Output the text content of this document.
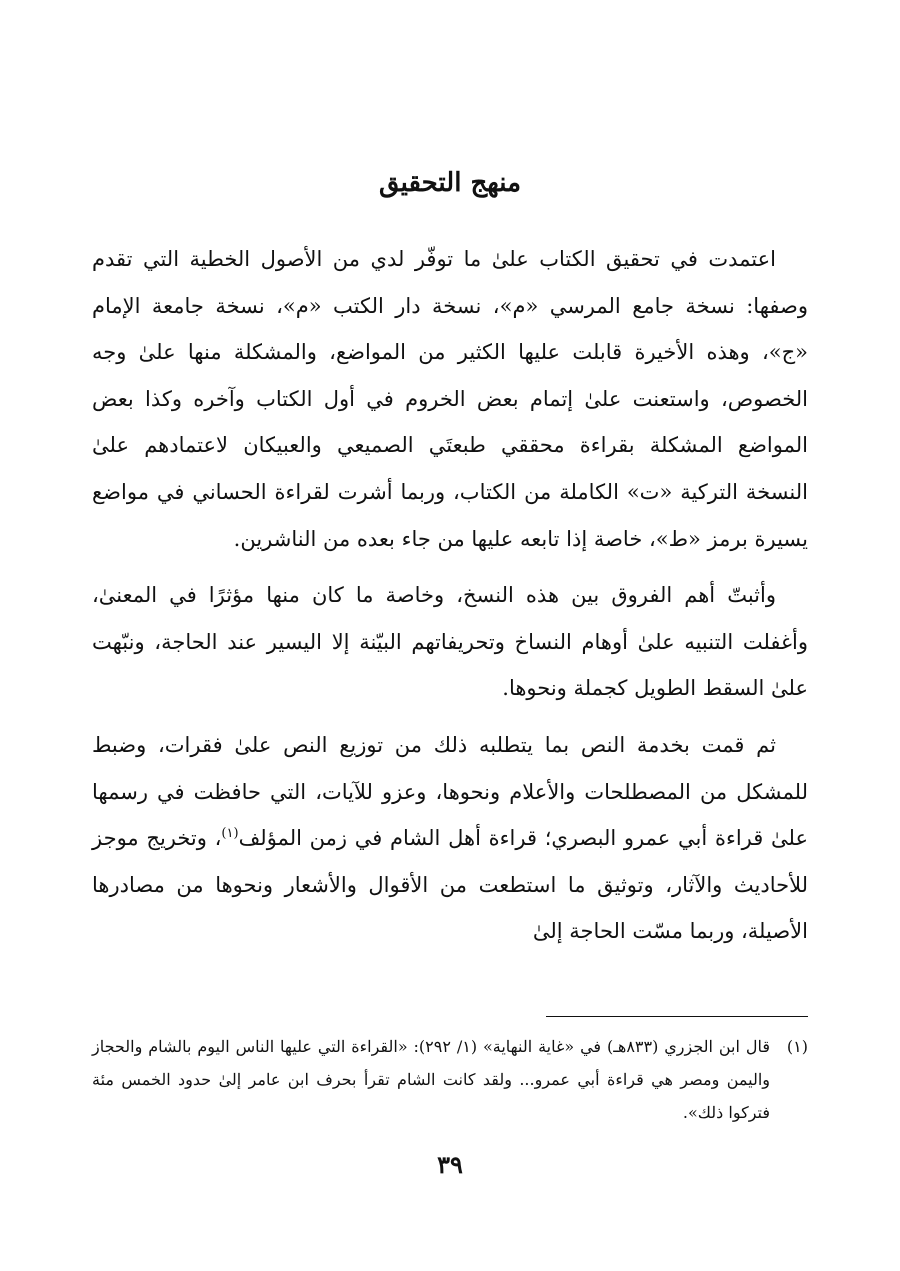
منهج التحقيق

اعتمدت في تحقيق الكتاب علىٰ ما توفّر لدي من الأصول الخطية التي تقدم وصفها: نسخة جامع المرسي «م»، نسخة دار الكتب «م»، نسخة جامعة الإمام «ج»، وهذه الأخيرة قابلت عليها الكثير من المواضع، والمشكلة منها علىٰ وجه الخصوص، واستعنت علىٰ إتمام بعض الخروم في أول الكتاب وآخره وكذا بعض المواضع المشكلة بقراءة محققي طبعتَي الصميعي والعبيكان لاعتمادهم علىٰ النسخة التركية «ت» الكاملة من الكتاب، وربما أشرت لقراءة الحساني في مواضع يسيرة برمز «ط»، خاصة إذا تابعه عليها من جاء بعده من الناشرين.

وأثبتّ أهم الفروق بين هذه النسخ، وخاصة ما كان منها مؤثرًا في المعنىٰ، وأغفلت التنبيه علىٰ أوهام النساخ وتحريفاتهم البيّنة إلا اليسير عند الحاجة، ونبّهت علىٰ السقط الطويل كجملة ونحوها.

ثم قمت بخدمة النص بما يتطلبه ذلك من توزيع النص علىٰ فقرات، وضبط للمشكل من المصطلحات والأعلام ونحوها، وعزو للآيات، التي حافظت في رسمها علىٰ قراءة أبي عمرو البصري؛ قراءة أهل الشام في زمن المؤلف$^{(١)}$، وتخريج موجز للأحاديث والآثار، وتوثيق ما استطعت من الأقوال والأشعار ونحوها من مصادرها الأصيلة، وربما مسّت الحاجة إلىٰ

(١)
قال ابن الجزري (٨٣٣هـ) في «غاية النهاية» (١/ ٢٩٢): «القراءة التي عليها الناس اليوم بالشام والحجاز واليمن ومصر هي قراءة أبي عمرو... ولقد كانت الشام تقرأ بحرف ابن عامر إلىٰ حدود الخمس مئة فتركوا ذلك».
٣٩
